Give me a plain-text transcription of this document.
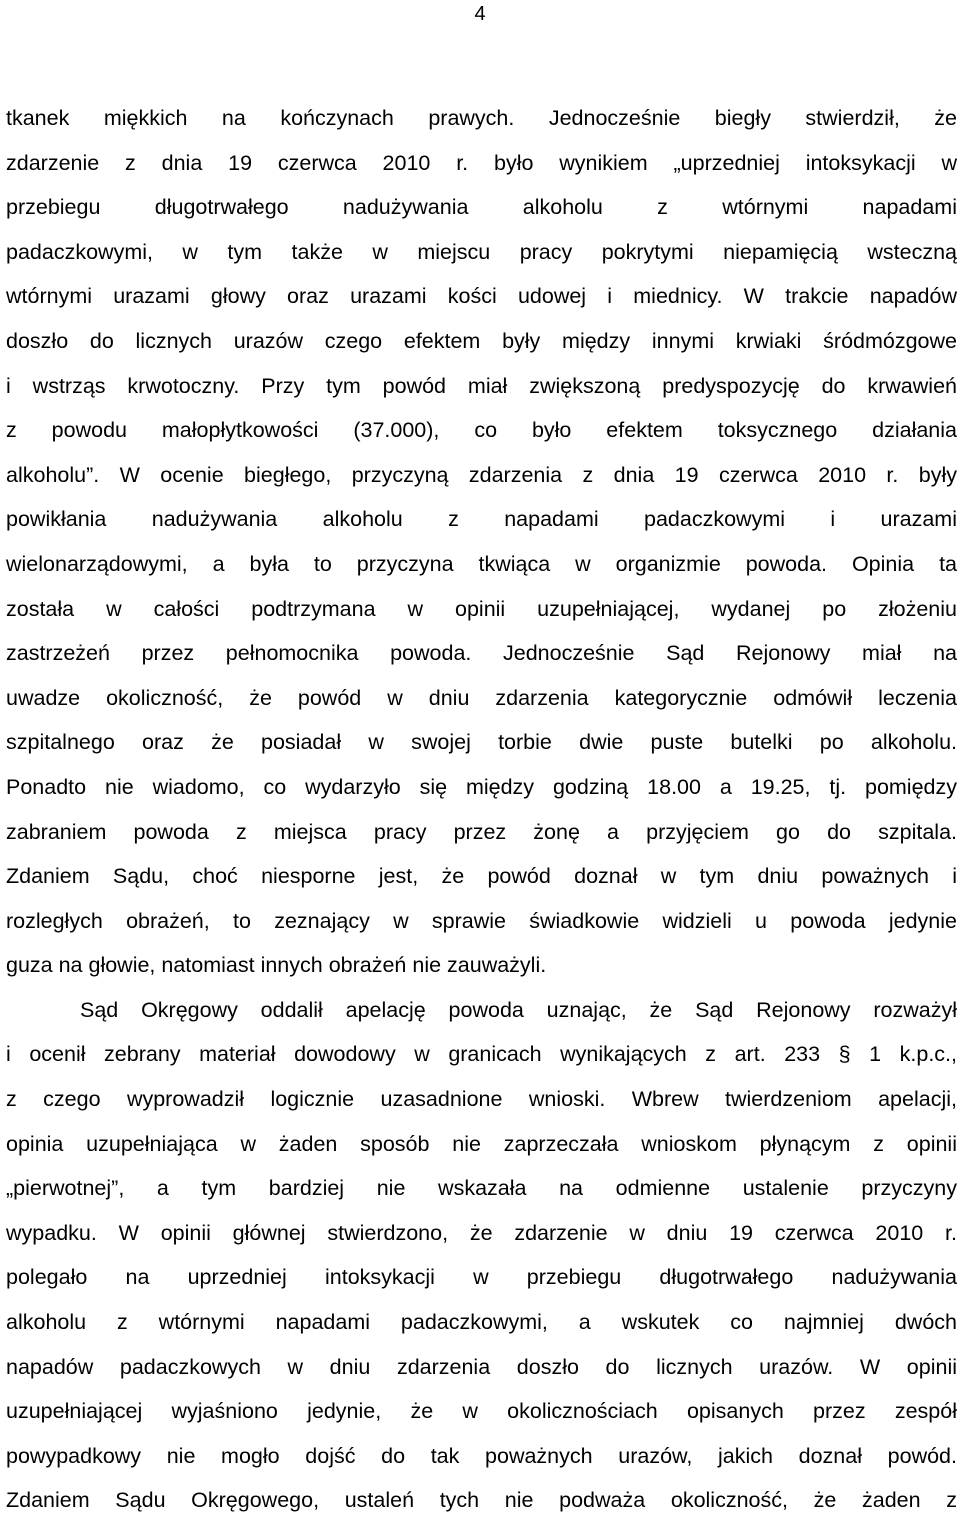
4
tkanek miękkich na kończynach prawych. Jednocześnie biegły stwierdził, że
zdarzenie z dnia 19 czerwca 2010 r. było wynikiem „uprzedniej intoksykacji w
przebiegu długotrwałego nadużywania alkoholu z wtórnymi napadami
padaczkowymi, w tym także w miejscu pracy pokrytymi niepamięcią wsteczną
wtórnymi urazami głowy oraz urazami kości udowej i miednicy. W trakcie napadów
doszło do licznych urazów czego efektem były między innymi krwiaki śródmózgowe
i wstrząs krwotoczny. Przy tym powód miał zwiększoną predyspozycję do krwawień
z powodu małopłytkowości (37.000), co było efektem toksycznego działania
alkoholu”. W ocenie biegłego, przyczyną zdarzenia z dnia 19 czerwca 2010 r. były
powikłania nadużywania alkoholu z napadami padaczkowymi i urazami
wielonarządowymi, a była to przyczyna tkwiąca w organizmie powoda. Opinia ta
została w całości podtrzymana w opinii uzupełniającej, wydanej po złożeniu
zastrzeżeń przez pełnomocnika powoda. Jednocześnie Sąd Rejonowy miał na
uwadze okoliczność, że powód w dniu zdarzenia kategorycznie odmówił leczenia
szpitalnego oraz że posiadał w swojej torbie dwie puste butelki po alkoholu.
Ponadto nie wiadomo, co wydarzyło się między godziną 18.00 a 19.25, tj. pomiędzy
zabraniem powoda z miejsca pracy przez żonę a przyjęciem go do szpitala.
Zdaniem Sądu, choć niesporne jest, że powód doznał w tym dniu poważnych i
rozległych obrażeń, to zeznający w sprawie świadkowie widzieli u powoda jedynie
guza na głowie, natomiast innych obrażeń nie zauważyli.
Sąd Okręgowy oddalił apelację powoda uznając, że Sąd Rejonowy rozważył
i ocenił zebrany materiał dowodowy w granicach wynikających z art. 233 § 1 k.p.c.,
z czego wyprowadził logicznie uzasadnione wnioski. Wbrew twierdzeniom apelacji,
opinia uzupełniająca w żaden sposób nie zaprzeczała wnioskom płynącym z opinii
„pierwotnej”, a tym bardziej nie wskazała na odmienne ustalenie przyczyny
wypadku. W opinii głównej stwierdzono, że zdarzenie w dniu 19 czerwca 2010 r.
polegało na uprzedniej intoksykacji w przebiegu długotrwałego nadużywania
alkoholu z wtórnymi napadami padaczkowymi, a wskutek co najmniej dwóch
napadów padaczkowych w dniu zdarzenia doszło do licznych urazów. W opinii
uzupełniającej wyjaśniono jedynie, że w okolicznościach opisanych przez zespół
powypadkowy nie mogło dojść do tak poważnych urazów, jakich doznał powód.
Zdaniem Sądu Okręgowego, ustaleń tych nie podważa okoliczność, że żaden z
